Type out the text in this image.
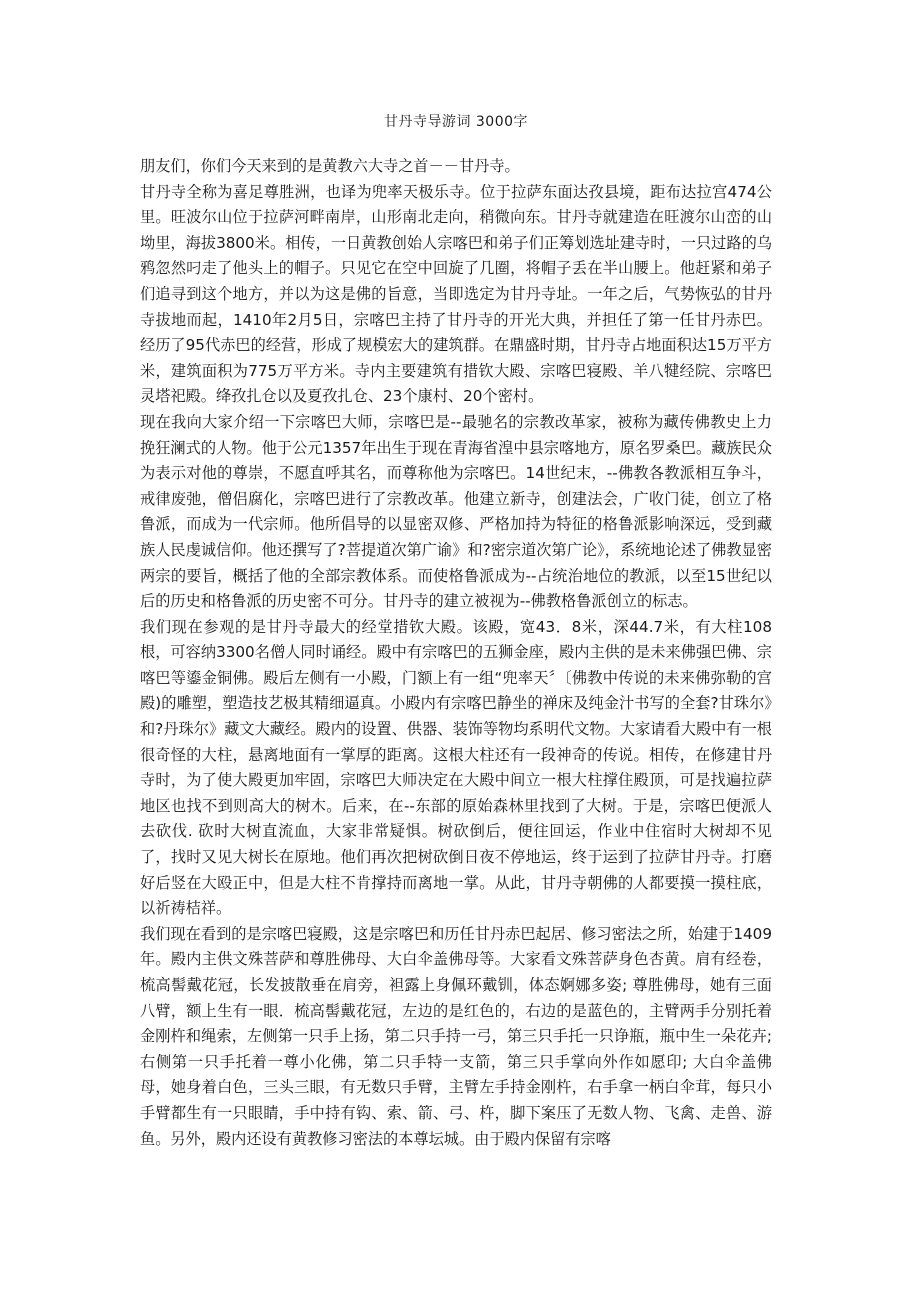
甘丹寺导游词 3000字

朋友们，你们今天来到的是黄教六大寺之首－－甘丹寺。

甘丹寺全称为喜足尊胜洲，也译为兜率天极乐寺。位于拉萨东面达孜县境，距布达拉宫474公里。旺波尔山位于拉萨河畔南岸，山形南北走向，稍微向东。甘丹寺就建造在旺渡尔山峦的山坳里，海拔3800米。相传，一日黄教创始人宗喀巴和弟子们正筹划选址建寺时，一只过路的乌鸦忽然叼走了他头上的帽子。只见它在空中回旋了几圈，将帽子丢在半山腰上。他赶紧和弟子们追寻到这个地方，并以为这是佛的旨意，当即选定为甘丹寺址。一年之后，气势恢弘的甘丹寺拔地而起，1410年2月5日，宗喀巴主持了甘丹寺的开光大典，并担任了第一任甘丹赤巴。经历了95代赤巴的经营，形成了规模宏大的建筑群。在鼎盛时期，甘丹寺占地面积达15万平方米，建筑面积为775万平方米。寺内主要建筑有措钦大殿、宗喀巴寝殿、羊八犍经院、宗喀巴灵塔祀殿。绛孜扎仓以及夏孜扎仓、23个康村、20个密村。

现在我向大家介绍一下宗喀巴大师，宗喀巴是--最驰名的宗教改革家，被称为藏传佛教史上力挽狂澜式的人物。他于公元1357年出生于现在青海省湟中县宗喀地方，原名罗桑巴。藏族民众为表示对他的尊崇，不愿直呼其名，而尊称他为宗喀巴。14世纪末，--佛教各教派相互争斗，戒律废弛，僧侣腐化，宗喀巴进行了宗教改革。他建立新寺，创建法会，广收门徒，创立了格鲁派，而成为一代宗师。他所倡导的以显密双修、严格加持为特征的格鲁派影响深远，受到藏族人民虔诚信仰。他还撰写了?菩提道次第广谕》和?密宗道次第广论》，系统地论述了佛教显密两宗的要旨，概括了他的全部宗教体系。而使格鲁派成为--占统治地位的教派，以至15世纪以后的历史和格鲁派的历史密不可分。甘丹寺的建立被视为--佛教格鲁派创立的标志。

我们现在参观的是甘丹寺最大的经堂措钦大殿。该殿，宽43．8米，深44.7米，有大柱108根，可容纳3300名僧人同时诵经。殿中有宗喀巴的五狮金座，殿内主供的是未来佛强巴佛、宗喀巴等鎏金铜佛。殿后左侧有一小殿，门额上有一组“兜率天〞〔佛教中传说的未来佛弥勒的宫殿)的雕塑，塑造技艺极其精细逼真。小殿内有宗喀巴静坐的禅床及纯金汁书写的全套?甘珠尔》和?丹珠尔》藏文大藏经。殿内的设置、供器、装饰等物均系明代文物。大家请看大殿中有一根很奇怪的大柱，悬离地面有一掌厚的距离。这根大柱还有一段神奇的传说。相传，在修建甘丹寺时，为了使大殿更加牢固，宗喀巴大师决定在大殿中间立一根大柱撑住殿顶，可是找遍拉萨地区也找不到则高大的树木。后来，在--东部的原始森林里找到了大树。于是，宗喀巴便派人去砍伐. 砍时大树直流血，大家非常疑惧。树砍倒后，便往回运，作业中住宿时大树却不见了，找时又见大树长在原地。他们再次把树砍倒日夜不停地运，终于运到了拉萨甘丹寺。打磨好后竖在大殴正中，但是大柱不肯撑持而离地一掌。从此，甘丹寺朝佛的人都要摸一摸柱底，以祈祷桔祥。

我们现在看到的是宗喀巴寝殿，这是宗喀巴和历任甘丹赤巴起居、修习密法之所，始建于1409年。殿内主供文殊菩萨和尊胜佛母、大白伞盖佛母等。大家看文殊菩萨身色杏黄。肩有经卷，梳高髻戴花冠，长发披散垂在肩旁，袒露上身佩环戴钏，体态婀娜多姿; 尊胜佛母，她有三面八臂，额上生有一眼．梳高髻戴花冠，左边的是红色的，右边的是蓝色的，主臂两手分别托着金刚杵和绳索，左侧第一只手上扬，第二只手持一弓，第三只手托一只诤瓶，瓶中生一朵花卉; 右侧第一只手托着一尊小化佛，第二只手特一支箭，第三只手掌向外作如愿印; 大白伞盖佛母，她身着白色，三头三眼，有无数只手臂，主臂左手持金刚杵，右手拿一柄白伞茸，每只小手臂都生有一只眼睛，手中持有钩、索、箭、弓、杵，脚下案压了无数人物、飞禽、走兽、游鱼。另外，殿内还设有黄教修习密法的本尊坛城。由于殿内保留有宗喀
